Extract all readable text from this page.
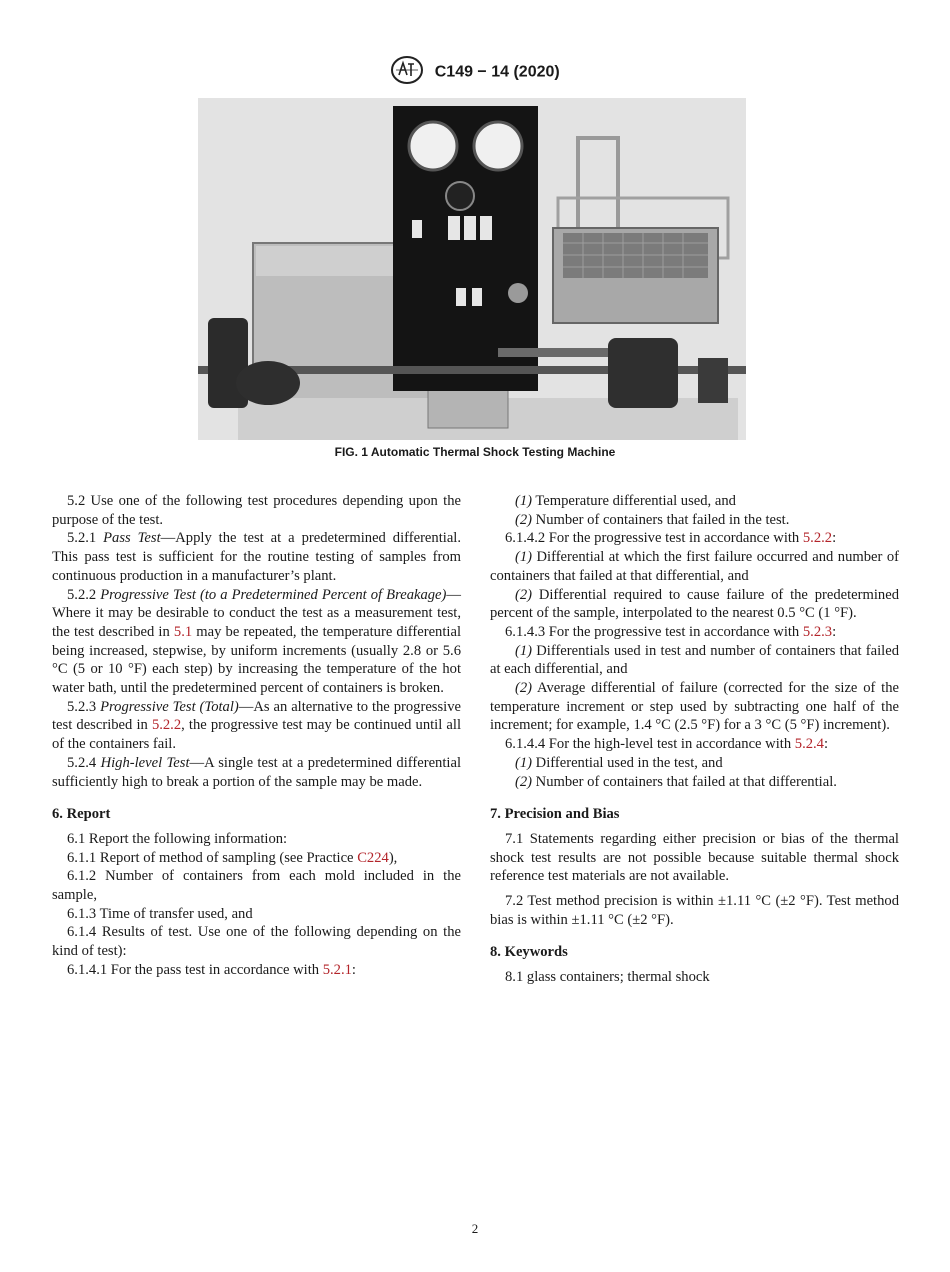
C149 − 14 (2020)
FIG. 1 Automatic Thermal Shock Testing Machine

5.2 Use one of the following test procedures depending upon the purpose of the test.

5.2.1 Pass Test—Apply the test at a predetermined differential. This pass test is sufficient for the routine testing of samples from continuous production in a manufacturer’s plant.

5.2.2 Progressive Test (to a Predetermined Percent of Breakage)—Where it may be desirable to conduct the test as a measurement test, the test described in 5.1 may be repeated, the temperature differential being increased, stepwise, by uniform increments (usually 2.8 or 5.6 °C (5 or 10 °F) each step) by increasing the temperature of the hot water bath, until the predetermined percent of containers is broken.

5.2.3 Progressive Test (Total)—As an alternative to the progressive test described in 5.2.2, the progressive test may be continued until all of the containers fail.

5.2.4 High-level Test—A single test at a predetermined differential sufficiently high to break a portion of the sample may be made.

6. Report

6.1 Report the following information:

6.1.1 Report of method of sampling (see Practice C224),

6.1.2 Number of containers from each mold included in the sample,

6.1.3 Time of transfer used, and

6.1.4 Results of test. Use one of the following depending on the kind of test):

6.1.4.1 For the pass test in accordance with 5.2.1:

(1) Temperature differential used, and

(2) Number of containers that failed in the test.

6.1.4.2 For the progressive test in accordance with 5.2.2:

(1) Differential at which the first failure occurred and number of containers that failed at that differential, and

(2) Differential required to cause failure of the predetermined percent of the sample, interpolated to the nearest 0.5 °C (1 °F).

6.1.4.3 For the progressive test in accordance with 5.2.3:

(1) Differentials used in test and number of containers that failed at each differential, and

(2) Average differential of failure (corrected for the size of the temperature increment or step used by subtracting one half of the increment; for example, 1.4 °C (2.5 °F) for a 3 °C (5 °F) increment).

6.1.4.4 For the high-level test in accordance with 5.2.4:

(1) Differential used in the test, and

(2) Number of containers that failed at that differential.

7. Precision and Bias

7.1 Statements regarding either precision or bias of the thermal shock test results are not possible because suitable thermal shock reference test materials are not available.

7.2 Test method precision is within ±1.11 °C (±2 °F). Test method bias is within ±1.11 °C (±2 °F).

8. Keywords

8.1 glass containers; thermal shock

2
